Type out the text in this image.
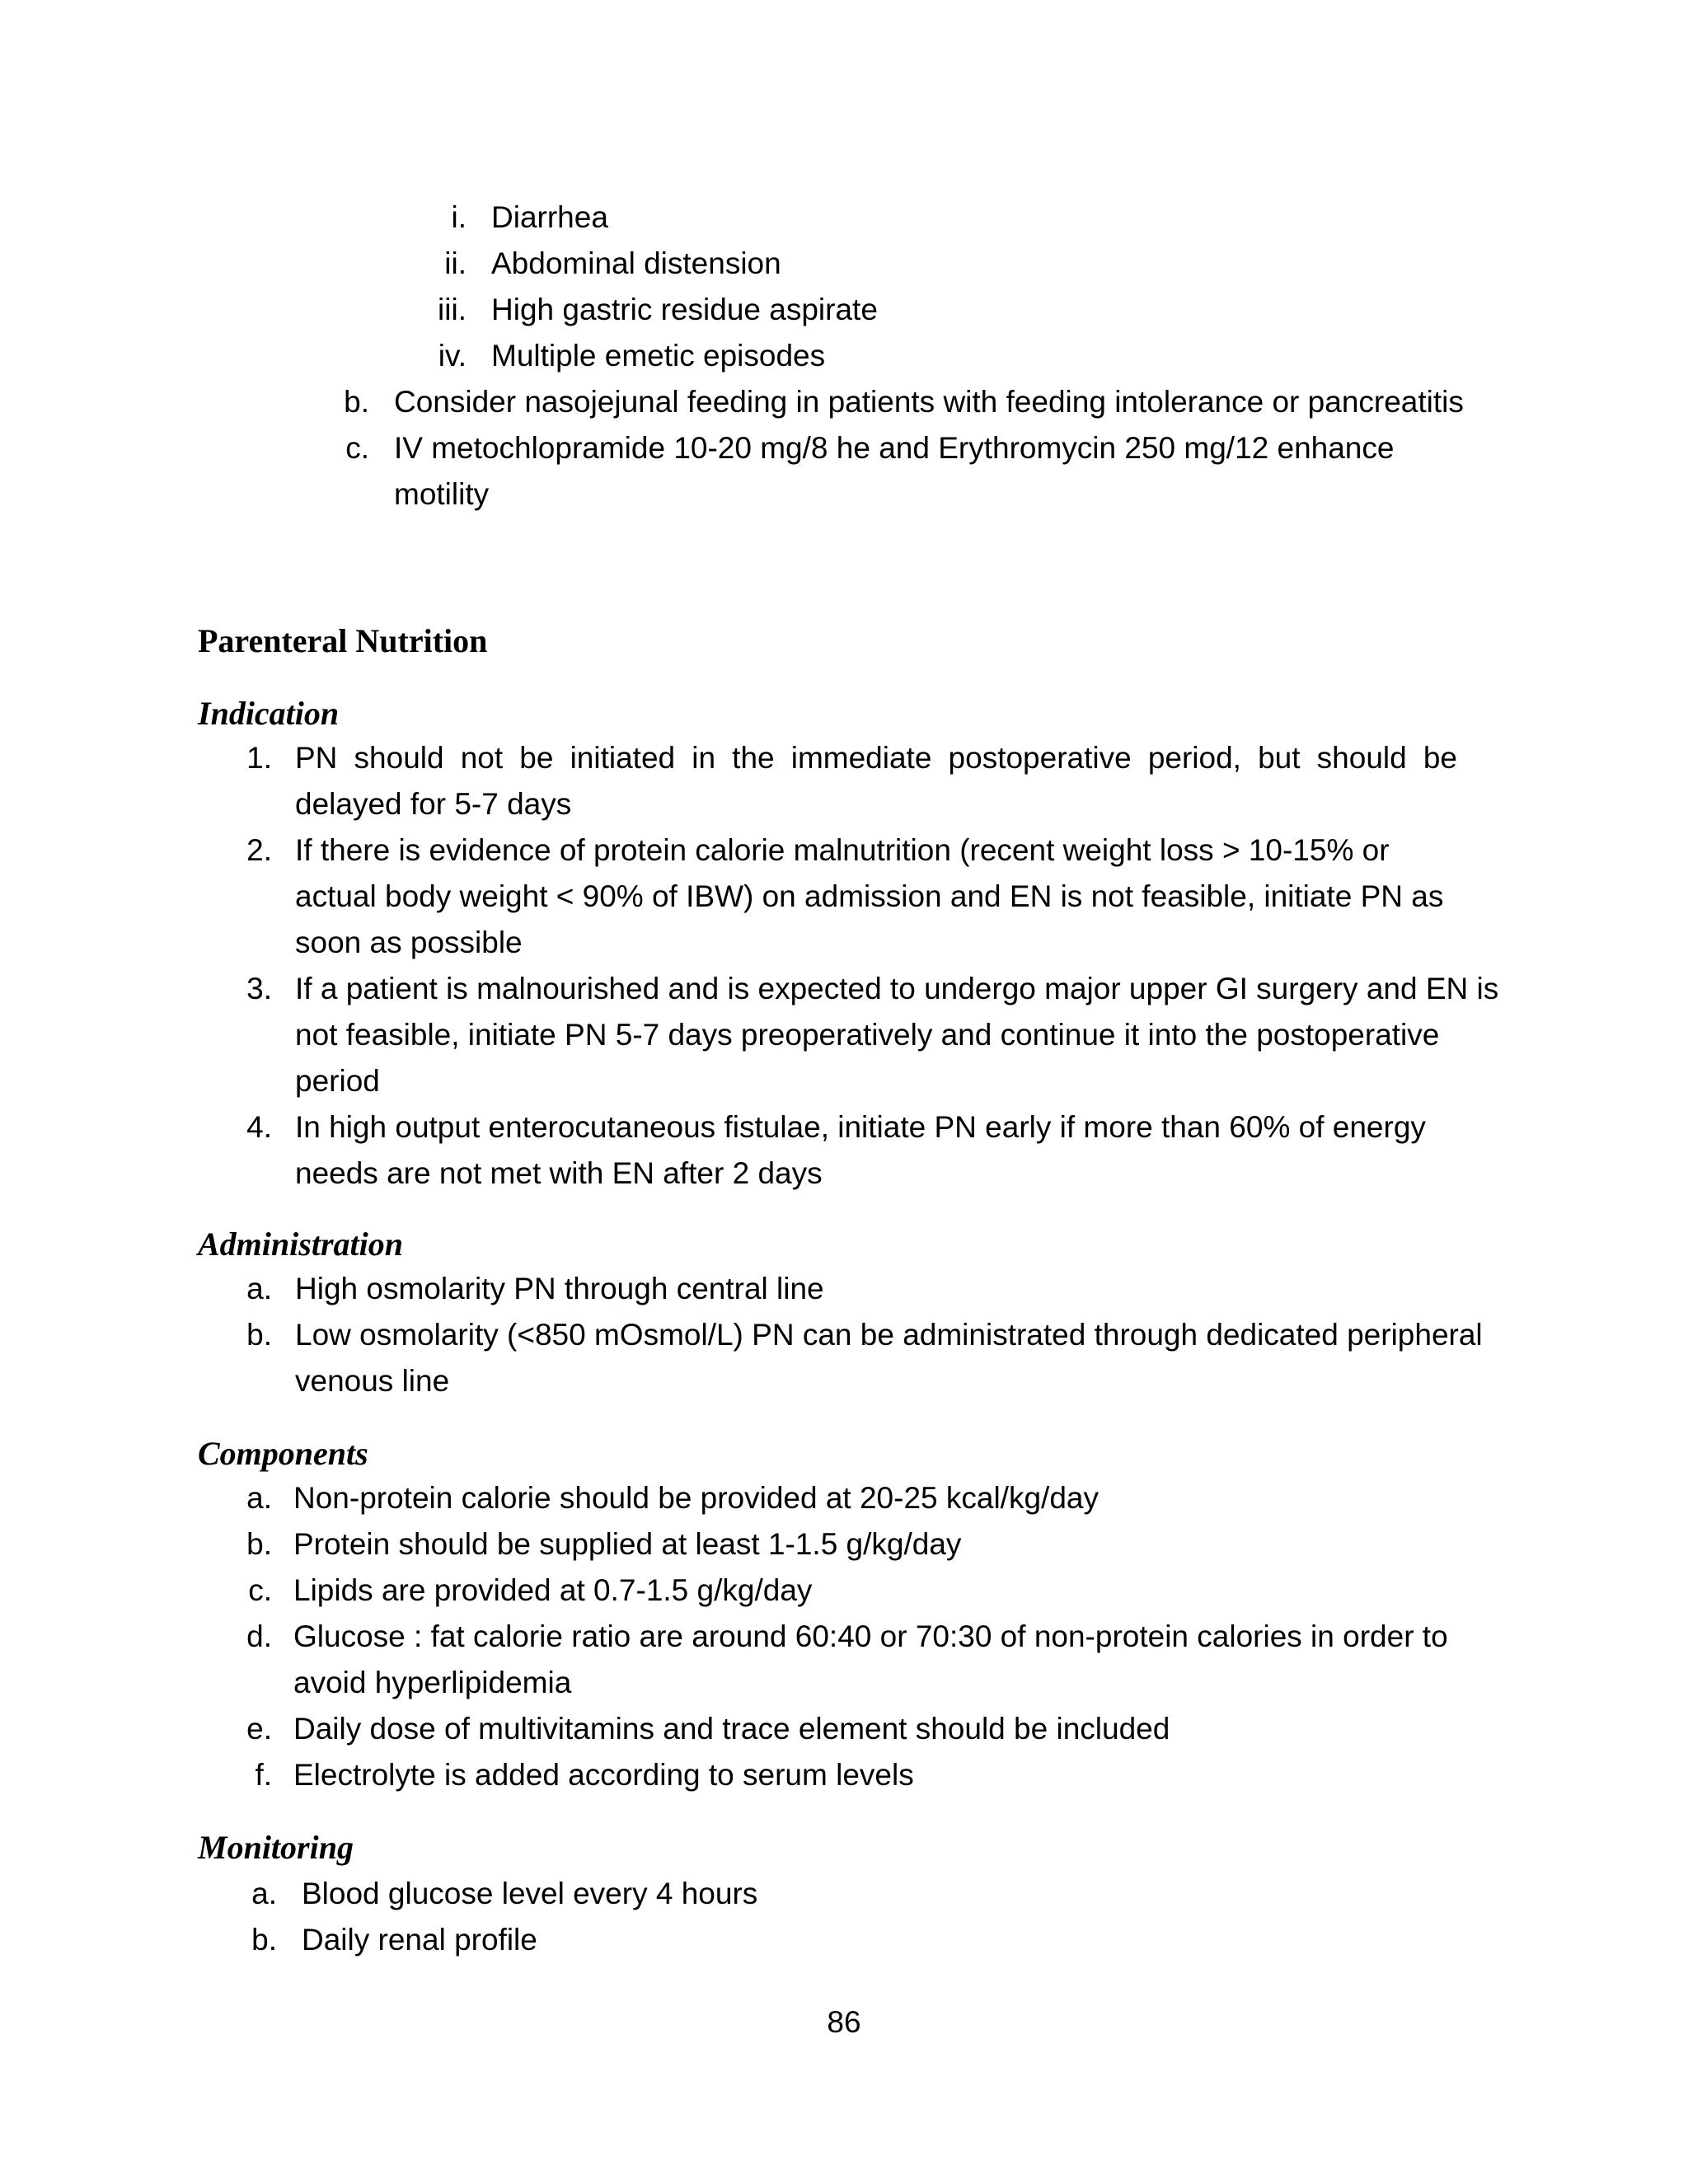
i. Diarrhea
ii. Abdominal distension
iii. High gastric residue aspirate
iv. Multiple emetic episodes
b. Consider nasojejunal feeding in patients with feeding intolerance or pancreatitis
c. IV metochlopramide 10-20 mg/8 he and Erythromycin 250 mg/12 enhance
motility
Parenteral Nutrition
Indication
1. PN should not be initiated in the immediate postoperative period, but should be
delayed for 5-7 days
2. If there is evidence of protein calorie malnutrition (recent weight loss > 10-15% or
actual body weight < 90% of IBW) on admission and EN is not feasible, initiate PN as
soon as possible
3. If a patient is malnourished and is expected to undergo major upper GI surgery and EN is
not feasible, initiate PN 5-7 days preoperatively and continue it into the postoperative
period
4. In high output enterocutaneous fistulae, initiate PN early if more than 60% of energy
needs are not met with EN after 2 days
Administration
a. High osmolarity PN through central line
b. Low osmolarity (<850 mOsmol/L) PN can be administrated through dedicated peripheral
venous line
Components
a. Non-protein calorie should be provided at 20-25 kcal/kg/day
b. Protein should be supplied at least 1-1.5 g/kg/day
c. Lipids are provided at 0.7-1.5 g/kg/day
d. Glucose : fat calorie ratio are around 60:40 or 70:30 of non-protein calories in order to
avoid hyperlipidemia
e. Daily dose of multivitamins and trace element should be included
f. Electrolyte is added according to serum levels
Monitoring
a. Blood glucose level every 4 hours
b. Daily renal profile
86
